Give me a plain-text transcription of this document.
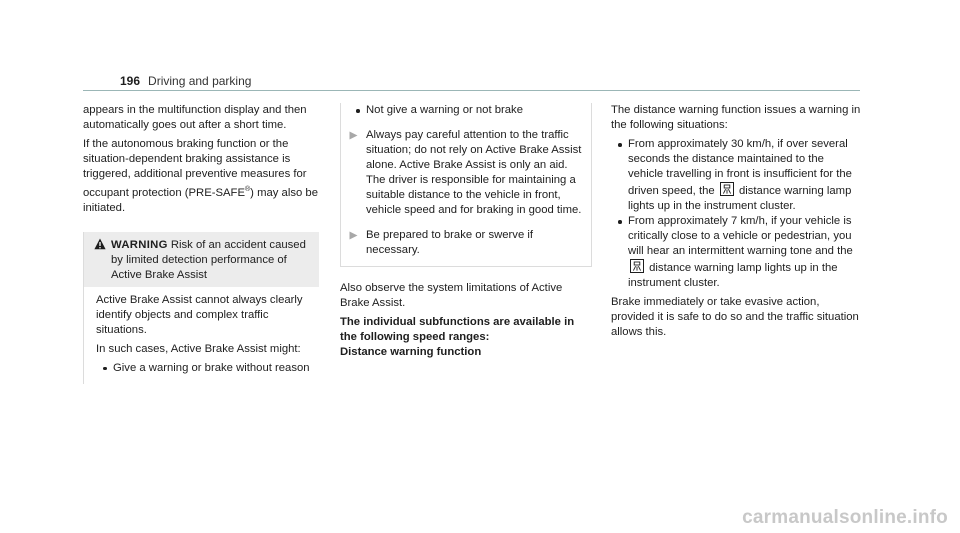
196 Driving and parking

appears in the multifunction display and then automatically goes out after a short time.

If the autonomous braking function or the situation-dependent braking assistance is triggered, additional preventive measures for occupant protection (PRE-SAFE®) may also be initiated.

WARNING Risk of an accident caused by limited detection performance of Active Brake Assist

Active Brake Assist cannot always clearly identify objects and complex traffic situations.

In such cases, Active Brake Assist might:

Give a warning or brake without reason
Not give a warning or not brake
Always pay careful attention to the traffic situation; do not rely on Active Brake Assist alone. Active Brake Assist is only an aid. The driver is responsible for maintaining a suitable distance to the vehicle in front, vehicle speed and for braking in good time.
Be prepared to brake or swerve if necessary.

Also observe the system limitations of Active Brake Assist.

The individual subfunctions are available in the following speed ranges:

Distance warning function

The distance warning function issues a warning in the following situations:

From approximately 30 km/h, if over several seconds the distance maintained to the vehicle travelling in front is insufficient for the driven speed, the distance warning lamp lights up in the instrument cluster.
From approximately 7 km/h, if your vehicle is critically close to a vehicle or pedestrian, you will hear an intermittent warning tone and the
distance warning lamp lights up in the instrument cluster.

Brake immediately or take evasive action, provided it is safe to do so and the traffic situation allows this.

carmanualsonline.info
